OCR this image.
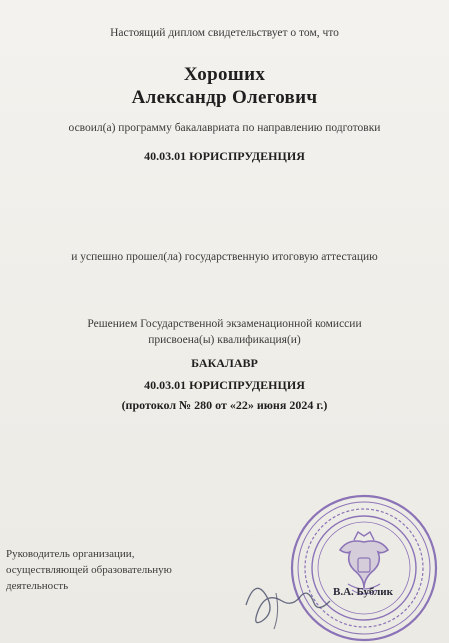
Настоящий диплом свидетельствует о том, что
Хороших
Александр Олегович
освоил(а) программу бакалавриата по направлению подготовки
40.03.01 ЮРИСПРУДЕНЦИЯ
и успешно прошел(ла) государственную итоговую аттестацию
Решением Государственной экзаменационной комиссии
присвоена(ы) квалификация(и)
БАКАЛАВР
40.03.01 ЮРИСПРУДЕНЦИЯ
(протокол № 280 от «22» июня 2024 г.)
Руководитель организации,
осуществляющей образовательную
деятельность	В.А. Бублик
